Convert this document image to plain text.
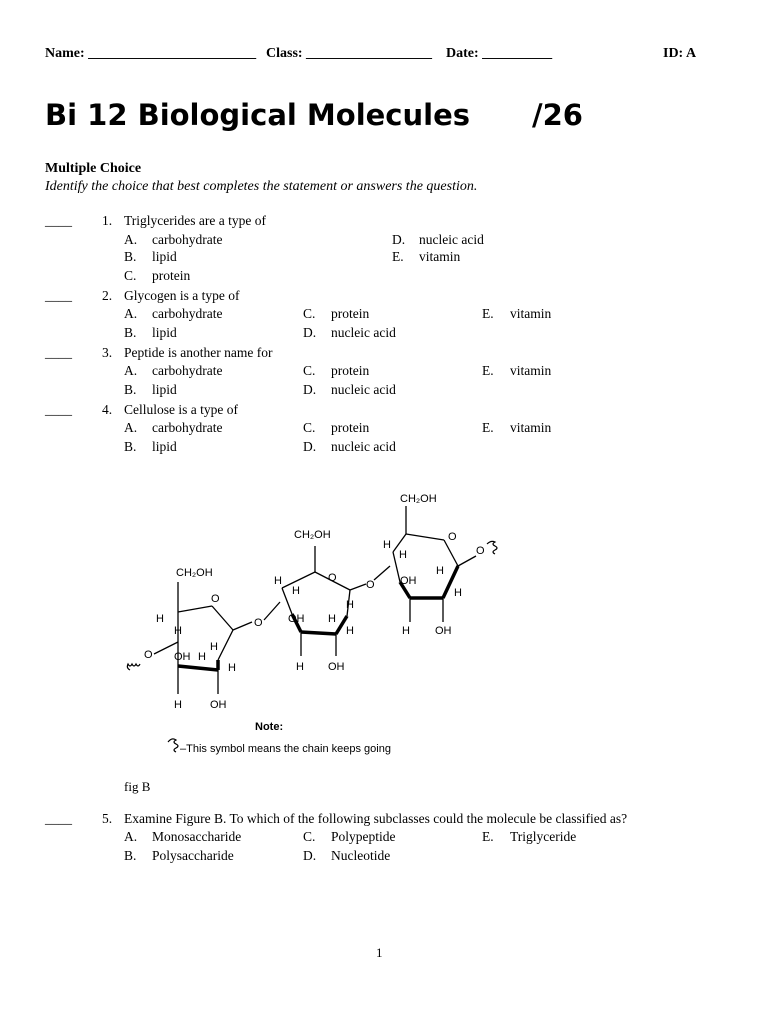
Name: ________________________ Class: __________________ Date: __________	ID: A
Bi 12 Biological Molecules /26
Multiple Choice
Identify the choice that best completes the statement or answers the question.
____ 1. Triglycerides are a type of
A. carbohydrate
B. lipid
C. protein
D. nucleic acid
E. vitamin
____ 2. Glycogen is a type of
A. carbohydrate
B. lipid
C. protein
D. nucleic acid
E. vitamin
____ 3. Peptide is another name for
A. carbohydrate
B. lipid
C. protein
D. nucleic acid
E. vitamin
____ 4. Cellulose is a type of
A. carbohydrate
B. lipid
C. protein
D. nucleic acid
E. vitamin
CH₂OH
O
H
H
O OH
H
H
H
H	OH
O
CH₂OH
H
H
O
OH H
H
H
H OH
O
CH₂OH
H
H
O
OH
H
H
H OH
O
Note:
–This symbol means the chain keeps going
fig B
____ 5. Examine Figure B. To which of the following subclasses could the molecule be classified as?
A. Monosaccharide
B. Polysaccharide
C. Polypeptide
D. Nucleotide
E. Triglyceride
1
